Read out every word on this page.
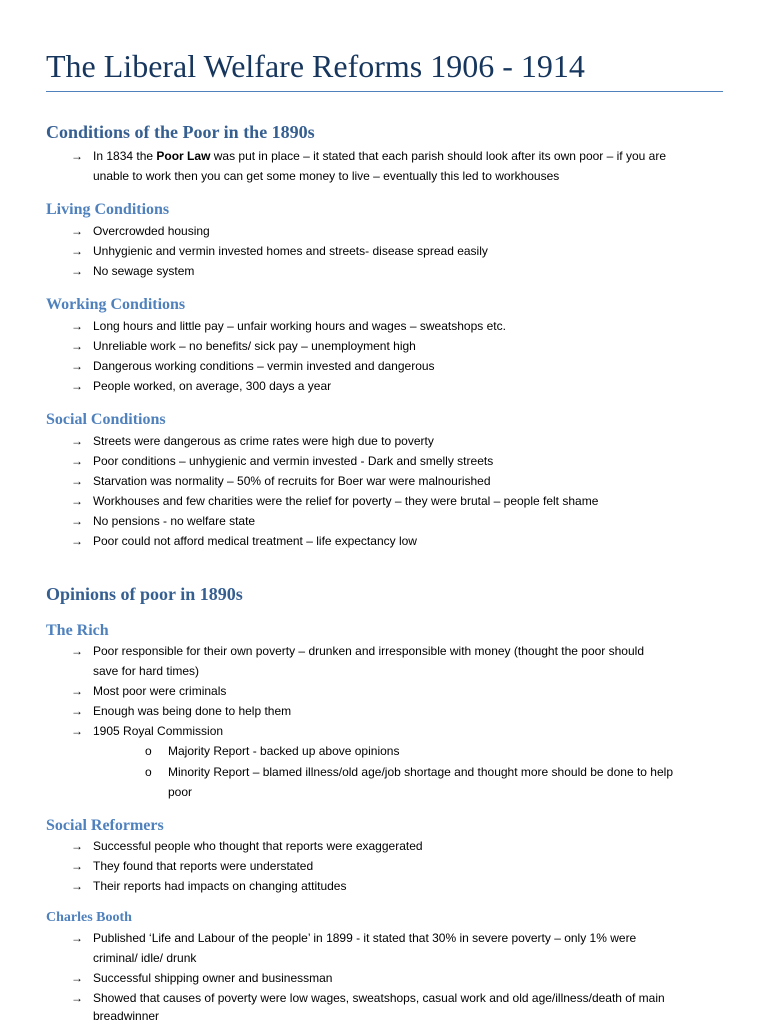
The Liberal Welfare Reforms 1906 - 1914
Conditions of the Poor in the 1890s
→ In 1834 the Poor Law was put in place – it stated that each parish should look after its own poor – if you are
unable to work then you can get some money to live – eventually this led to workhouses
Living Conditions
→ Overcrowded housing
→ Unhygienic and vermin invested homes and streets- disease spread easily
→ No sewage system
Working Conditions
→ Long hours and little pay – unfair working hours and wages – sweatshops etc.
→ Unreliable work – no benefits/ sick pay – unemployment high
→ Dangerous working conditions – vermin invested and dangerous
→ People worked, on average, 300 days a year
Social Conditions
→ Streets were dangerous as crime rates were high due to poverty
→ Poor conditions – unhygienic and vermin invested - Dark and smelly streets
→ Starvation was normality – 50% of recruits for Boer war were malnourished
→ Workhouses and few charities were the relief for poverty – they were brutal – people felt shame
→ No pensions - no welfare state
→ Poor could not afford medical treatment – life expectancy low
Opinions of poor in 1890s
The Rich
→ Poor responsible for their own poverty – drunken and irresponsible with money (thought the poor should
save for hard times)
→ Most poor were criminals
→ Enough was being done to help them
→ 1905 Royal Commission
o Majority Report - backed up above opinions
o Minority Report – blamed illness/old age/job shortage and thought more should be done to help
poor
Social Reformers
→ Successful people who thought that reports were exaggerated
→ They found that reports were understated
→ Their reports had impacts on changing attitudes
Charles Booth
→ Published ‘Life and Labour of the people’ in 1899 - it stated that 30% in severe poverty – only 1% were
criminal/ idle/ drunk
→ Successful shipping owner and businessman
→ Showed that causes of poverty were low wages, sweatshops, casual work and old age/illness/death of main
breadwinner
